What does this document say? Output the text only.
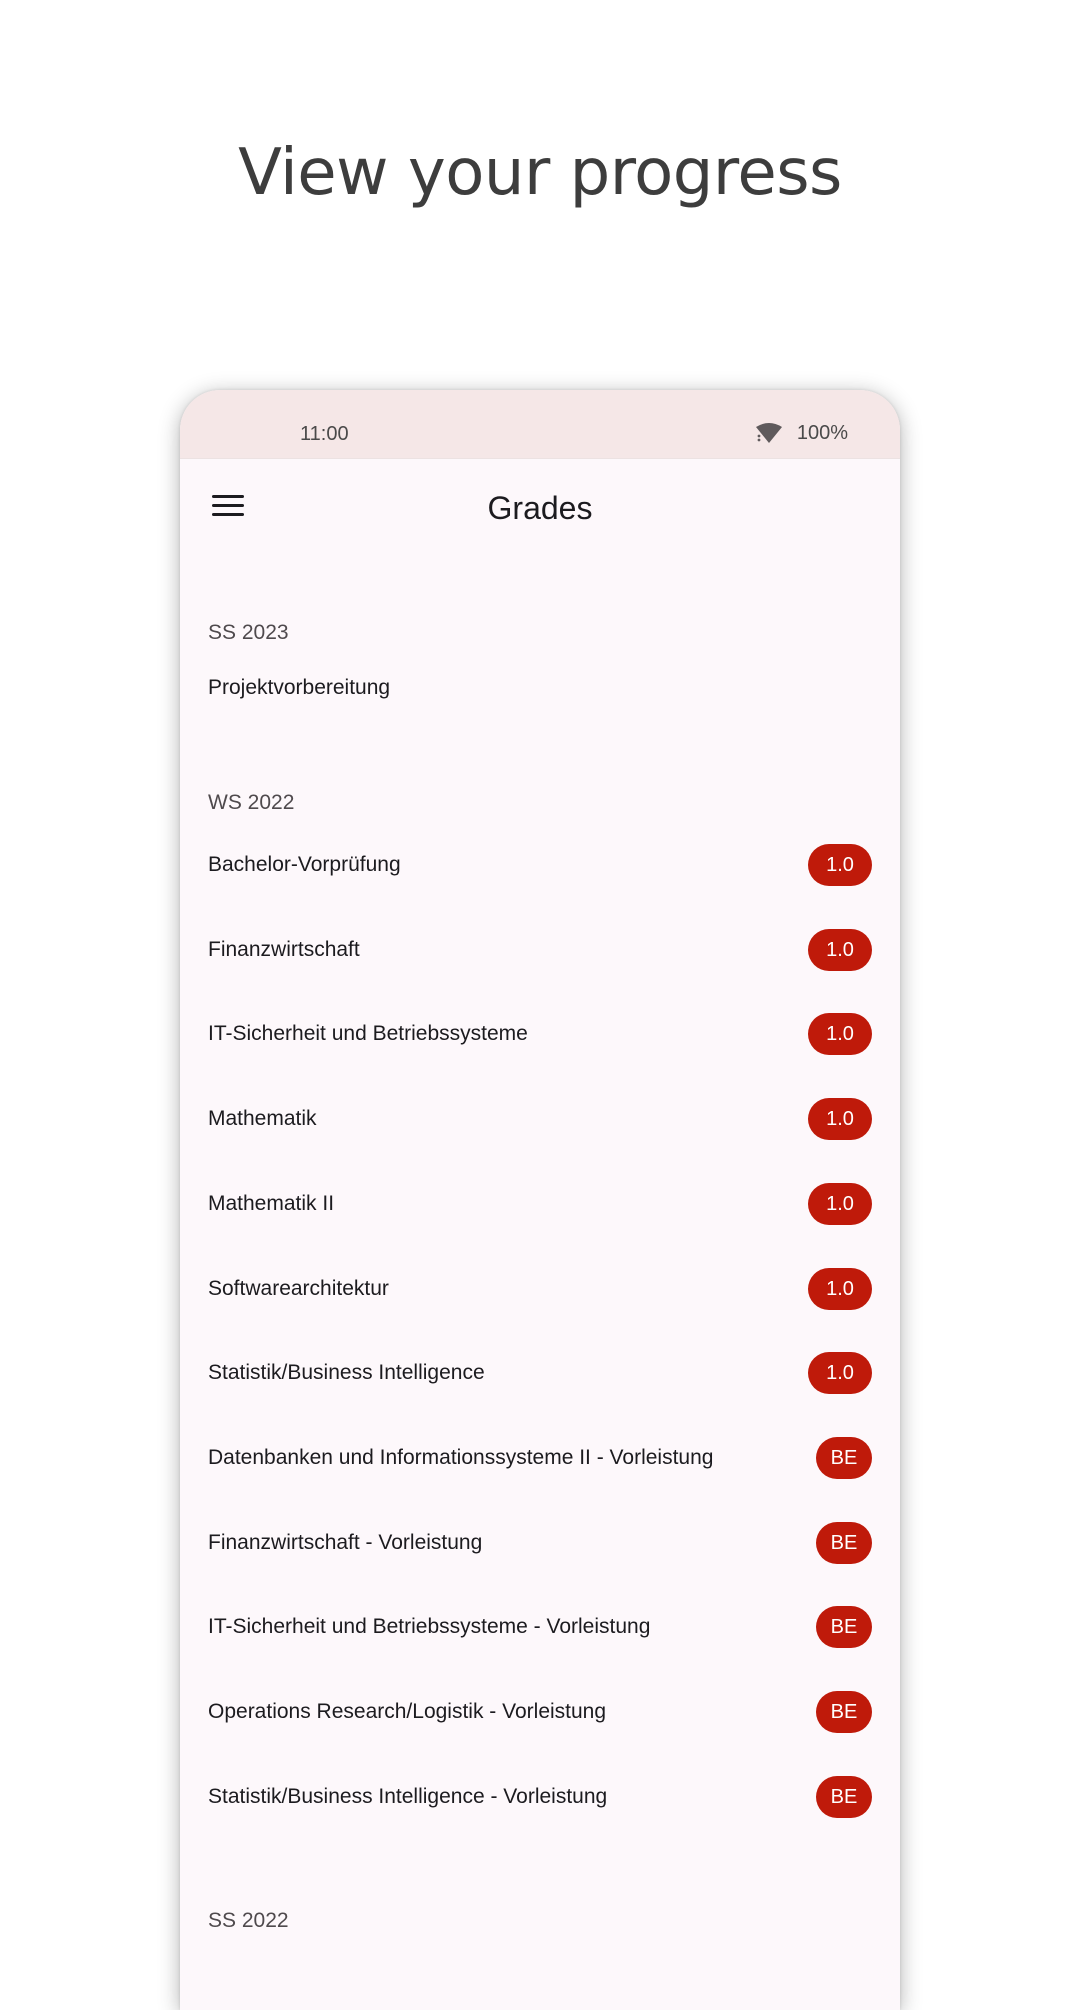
View your progress
11:00	100%
Grades
SS 2023
Projektvorbereitung
WS 2022
Bachelor-Vorprüfung	1.0
Finanzwirtschaft	1.0
IT-Sicherheit und Betriebssysteme	1.0
Mathematik	1.0
Mathematik II	1.0
Softwarearchitektur	1.0
Statistik/Business Intelligence	1.0
Datenbanken und Informationssysteme II - Vorleistung	BE
Finanzwirtschaft - Vorleistung	BE
IT-Sicherheit und Betriebssysteme - Vorleistung	BE
Operations Research/Logistik - Vorleistung	BE
Statistik/Business Intelligence - Vorleistung	BE
SS 2022
